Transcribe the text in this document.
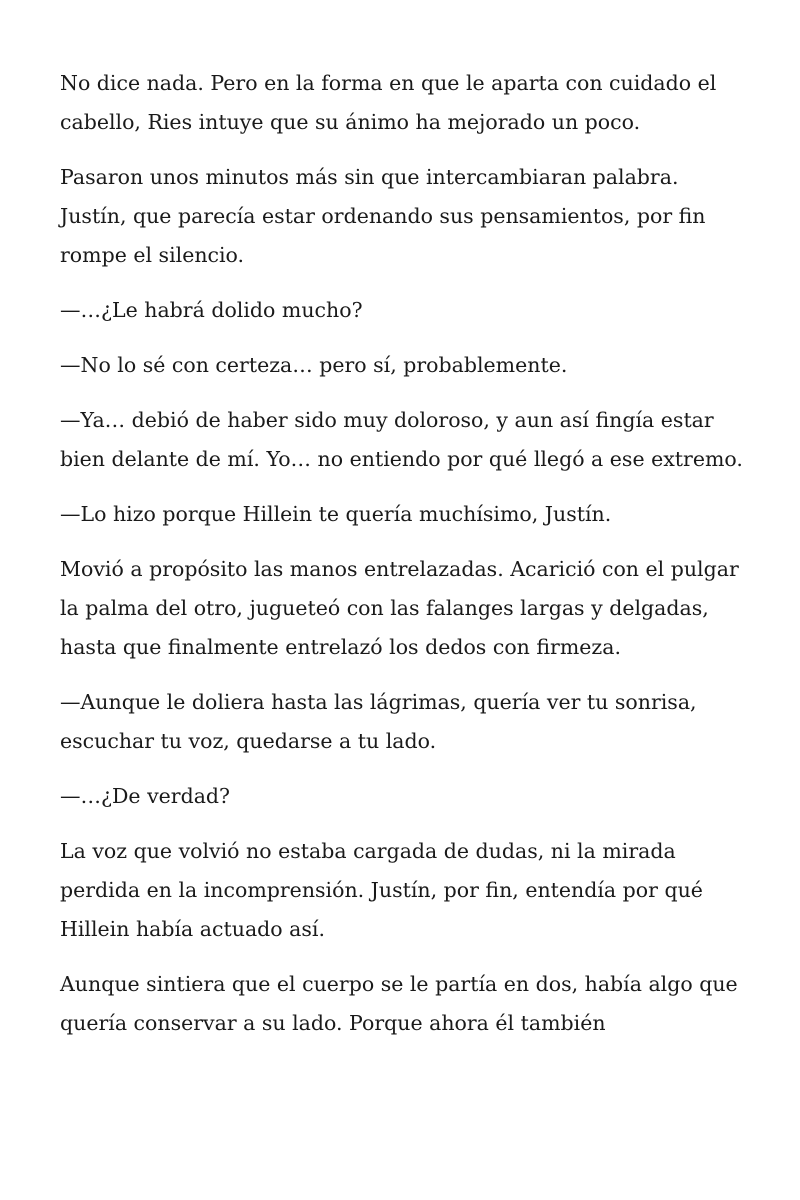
No dice nada. Pero en la forma en que le aparta con cuidado el cabello, Ries intuye que su ánimo ha mejorado un poco.

Pasaron unos minutos más sin que intercambiaran palabra. Justín, que parecía estar ordenando sus pensamientos, por fin rompe el silencio.

—…¿Le habrá dolido mucho?

—No lo sé con certeza… pero sí, probablemente.

—Ya… debió de haber sido muy doloroso, y aun así fingía estar bien delante de mí. Yo… no entiendo por qué llegó a ese extremo.

—Lo hizo porque Hillein te quería muchísimo, Justín.

Movió a propósito las manos entrelazadas. Acarició con el pulgar la palma del otro, jugueteó con las falanges largas y delgadas, hasta que finalmente entrelazó los dedos con firmeza.

—Aunque le doliera hasta las lágrimas, quería ver tu sonrisa, escuchar tu voz, quedarse a tu lado.

—…¿De verdad?

La voz que volvió no estaba cargada de dudas, ni la mirada perdida en la incomprensión. Justín, por fin, entendía por qué Hillein había actuado así.

Aunque sintiera que el cuerpo se le partía en dos, había algo que quería conservar a su lado. Porque ahora él también
